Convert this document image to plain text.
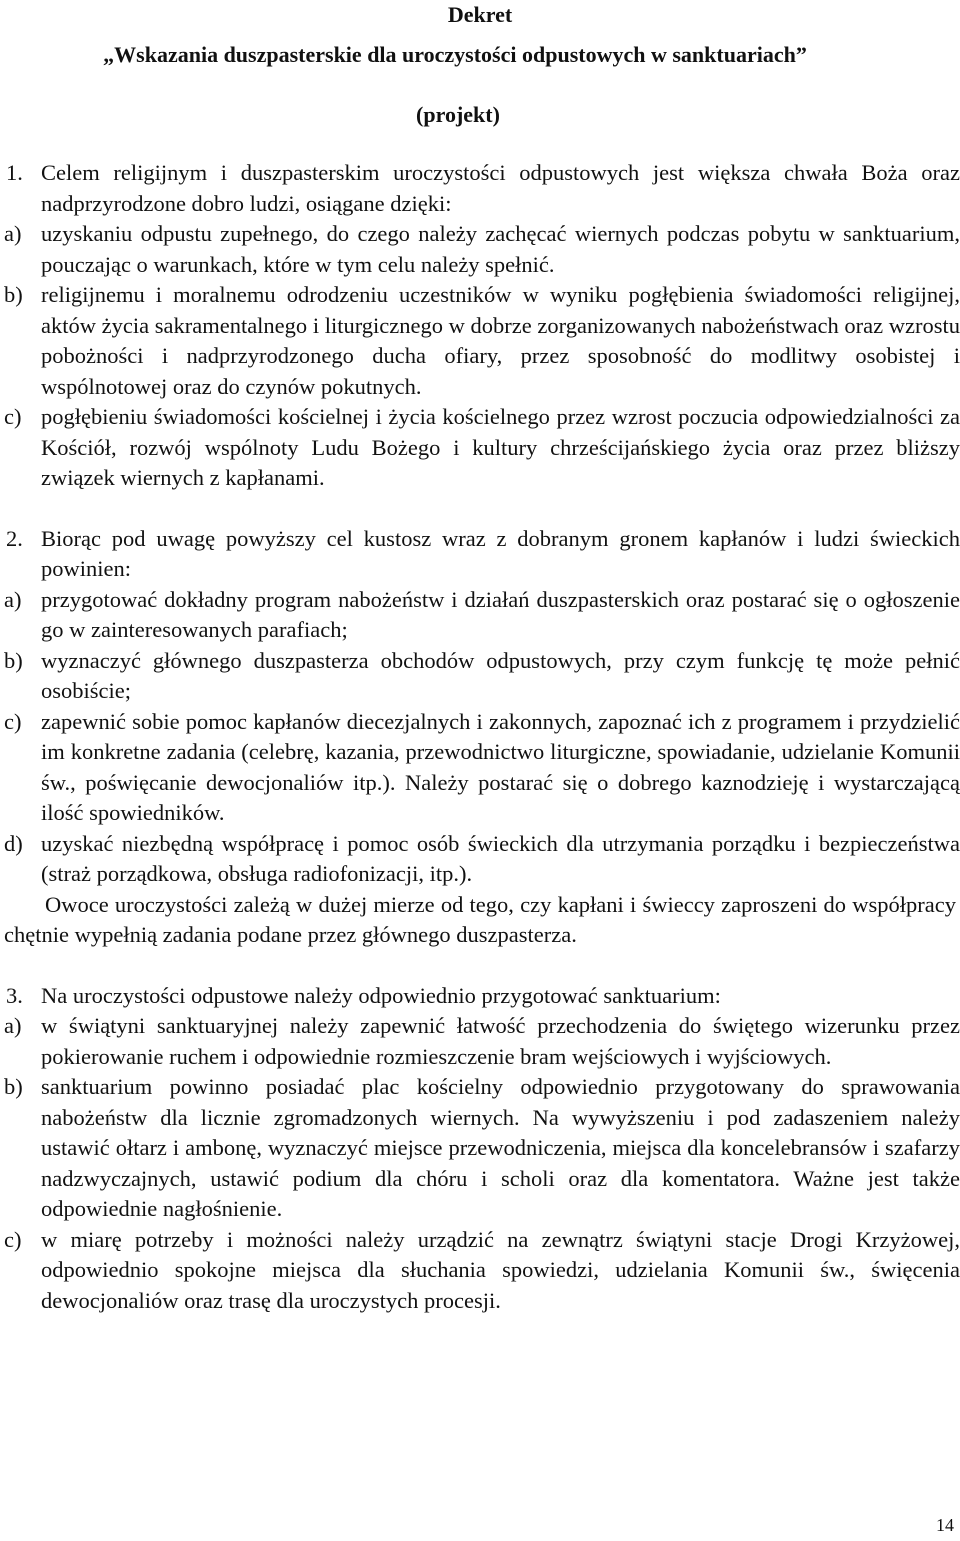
Dekret
„Wskazania duszpasterskie dla uroczystości odpustowych w sanktuariach”
(projekt)
1. Celem religijnym i duszpasterskim uroczystości odpustowych jest większa chwała Boża oraz nadprzyrodzone dobro ludzi, osiągane dzięki:
a) uzyskaniu odpustu zupełnego, do czego należy zachęcać wiernych podczas pobytu w sanktuarium, pouczając o warunkach, które w tym celu należy spełnić.
b) religijnemu i moralnemu odrodzeniu uczestników w wyniku pogłębienia świadomości religijnej, aktów życia sakramentalnego i liturgicznego w dobrze zorganizowanych nabożeństwach oraz wzrostu pobożności i nadprzyrodzonego ducha ofiary, przez sposobność do modlitwy osobistej i wspólnotowej oraz do czynów pokutnych.
c) pogłębieniu świadomości kościelnej i życia kościelnego przez wzrost poczucia odpowiedzialności za Kościół, rozwój wspólnoty Ludu Bożego i kultury chrześcijańskiego życia oraz przez bliższy związek wiernych z kapłanami.
2. Biorąc pod uwagę powyższy cel kustosz wraz z dobranym gronem kapłanów i ludzi świeckich powinien:
a) przygotować dokładny program nabożeństw i działań duszpasterskich oraz postarać się o ogłoszenie go w zainteresowanych parafiach;
b) wyznaczyć głównego duszpasterza obchodów odpustowych, przy czym funkcję tę może pełnić osobiście;
c) zapewnić sobie pomoc kapłanów diecezjalnych i zakonnych, zapoznać ich z programem i przydzielić im konkretne zadania (celebrę, kazania, przewodnictwo liturgiczne, spowiadanie, udzielanie Komunii św., poświęcanie dewocjonaliów itp.). Należy postarać się o dobrego kaznodzieję i wystarczającą ilość spowiedników.
d) uzyskać niezbędną współpracę i pomoc osób świeckich dla utrzymania porządku i bezpieczeństwa (straż porządkowa, obsługa radiofonizacji, itp.).

Owoce uroczystości zależą w dużej mierze od tego, czy kapłani i świeccy zaproszeni do współpracy chętnie wypełnią zadania podane przez głównego duszpasterza.

3. Na uroczystości odpustowe należy odpowiednio przygotować sanktuarium:
a) w świątyni sanktuaryjnej należy zapewnić łatwość przechodzenia do świętego wizerunku przez pokierowanie ruchem i odpowiednie rozmieszczenie bram wejściowych i wyjściowych.
b) sanktuarium powinno posiadać plac kościelny odpowiednio przygotowany do sprawowania nabożeństw dla licznie zgromadzonych wiernych. Na wywyższeniu i pod zadaszeniem należy ustawić ołtarz i ambonę, wyznaczyć miejsce przewodniczenia, miejsca dla koncelebransów i szafarzy nadzwyczajnych, ustawić podium dla chóru i scholi oraz dla komentatora. Ważne jest także odpowiednie nagłośnienie.
c) w miarę potrzeby i możności należy urządzić na zewnątrz świątyni stacje Drogi Krzyżowej, odpowiednio spokojne miejsca dla słuchania spowiedzi, udzielania Komunii św., święcenia dewocjonaliów oraz trasę dla uroczystych procesji.
14
